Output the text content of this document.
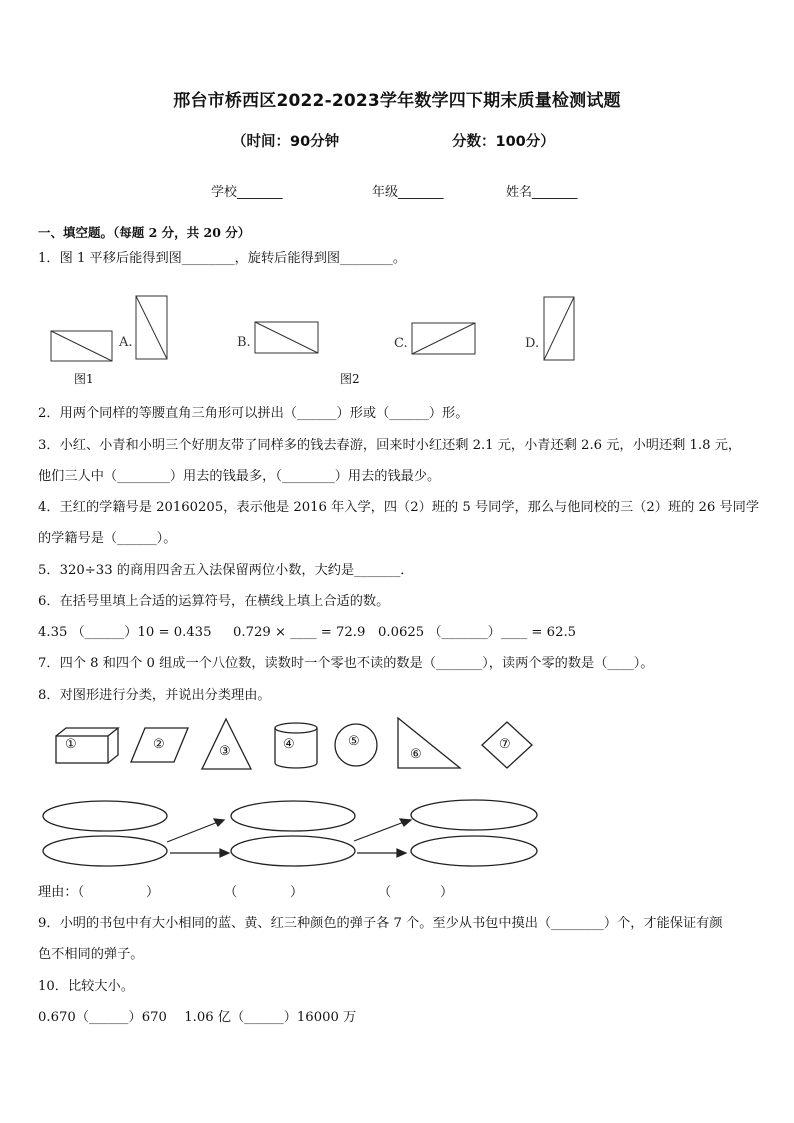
邢台市桥西区2022-2023学年数学四下期末质量检测试题
（时间：90分钟	分数：100分）
学校_______	年级_______	姓名_______
一、填空题。（每题 2 分，共 20 分）
1．图 1 平移后能得到图________，旋转后能得到图________。
A.	B.	C.	D.
图1	图2
2．用两个同样的等腰直角三角形可以拼出（______）形或（______）形。
3．小红、小青和小明三个好朋友带了同样多的钱去春游，回来时小红还剩 2.1 元，小青还剩 2.6 元，小明还剩 1.8 元，
他们三人中（________）用去的钱最多，（________）用去的钱最少。
4．王红的学籍号是 20160205，表示他是 2016 年入学，四（2）班的 5 号同学，那么与他同校的三（2）班的 26 号同学
的学籍号是（______）。
5．320÷33 的商用四舍五入法保留两位小数，大约是_______．
6．在括号里填上合适的运算符号，在横线上填上合适的数。
4.35 （______）10 = 0.435 0.729 × ____ = 72.9 0.0625 （_______）____ = 62.5
7．四个 8 和四个 0 组成一个八位数，读数时一个零也不读的数是（_______），读两个零的数是（____）。
8．对图形进行分类，并说出分类理由。
①	②	③	④	⑤
⑥
⑦
理由：（	）	（	）	（	）
9．小明的书包中有大小相同的蓝、黄、红三种颜色的弹子各 7 个。至少从书包中摸出（________）个，才能保证有颜
色不相同的弹子。
10．比较大小。
0.670（______）670　 1.06 亿（______）16000 万
